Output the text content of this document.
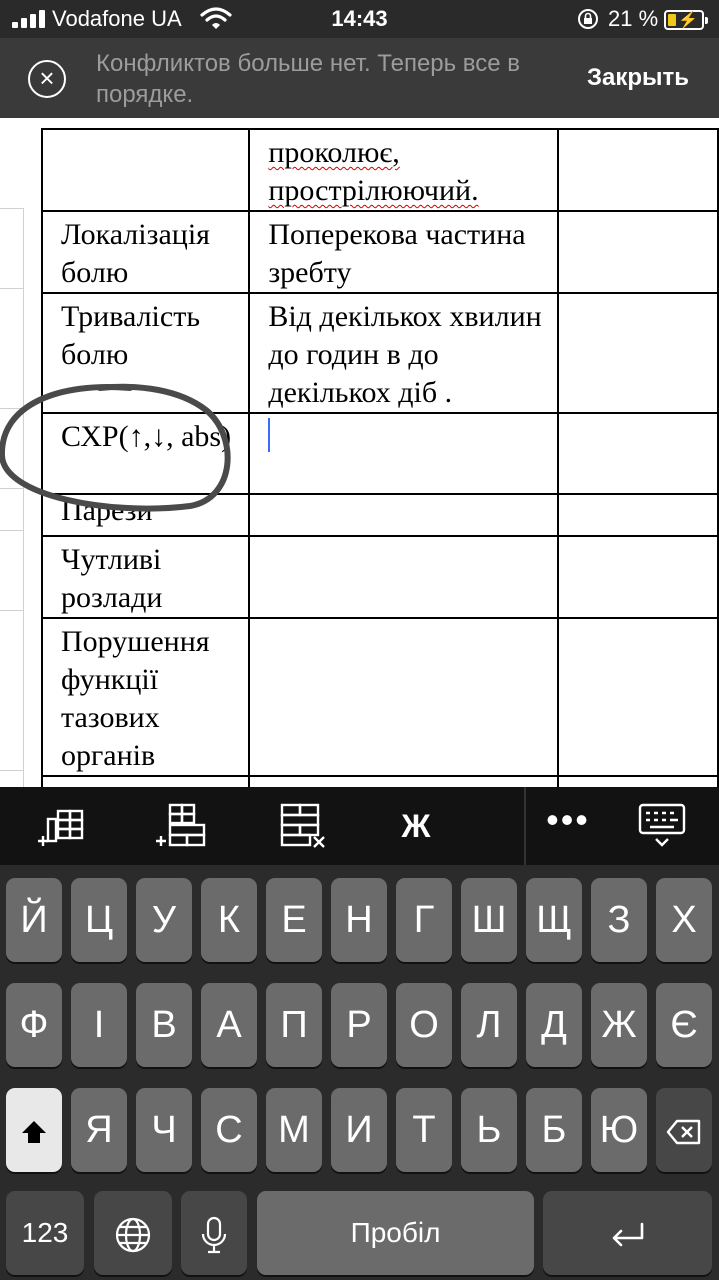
Vodafone UA	14:43	21 % ⚡
×	Конфликтов больше нет. Теперь все в порядке.
Закрыть
	проколює,
прострілюючий.	
Локалізація болю	Поперекова частина зребту	
Тривалість болю	Від декількох хвилин до годин в до декількох діб .	
СХР(↑,↓, abs)		
Парези		
Чутливі розлади		
Порушення функції тазових органів		

Ж	•••
Й Ц	У	К	Е	Н	Г Ш Щ З	Х
Ф	І	В	А	П	Р О Л	Д Ж Є
Я	Ч	С М И	Т	Ь	Б Ю
123	Пробіл
